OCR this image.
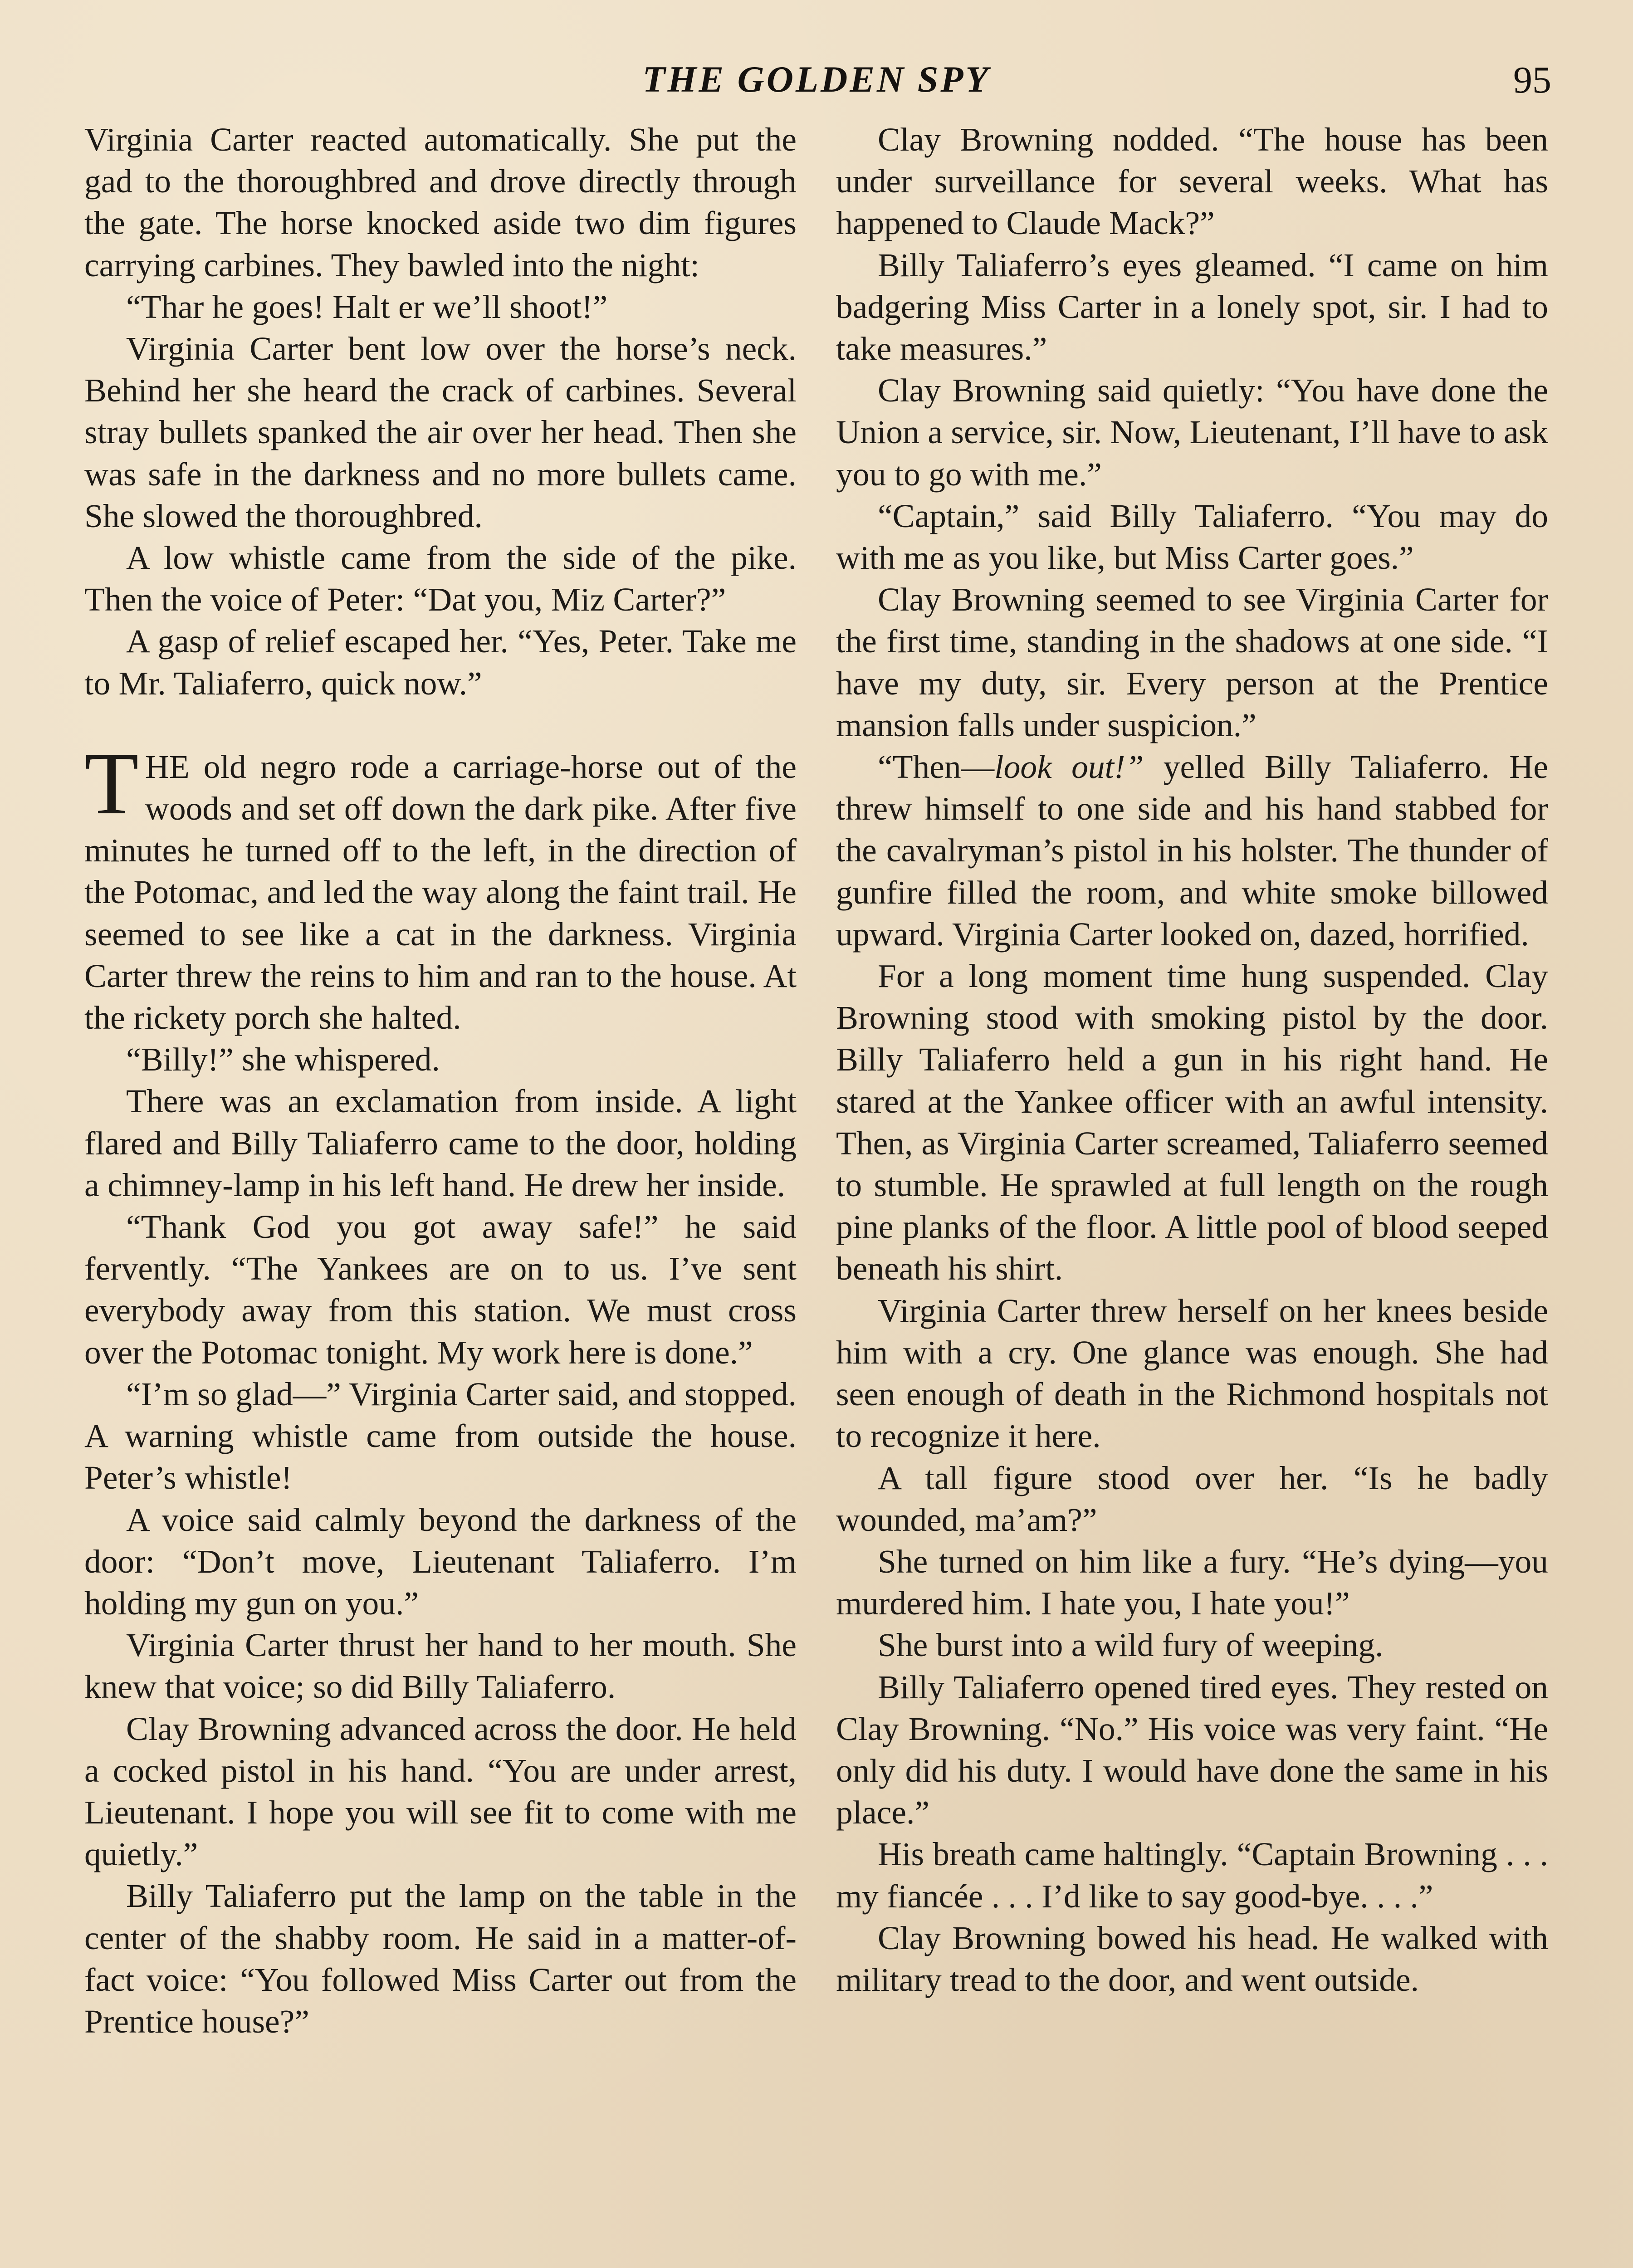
THE GOLDEN SPY	95

Virginia Carter reacted automatically. She put the gad to the thoroughbred and drove directly through the gate. The horse knocked aside two dim figures carrying carbines. They bawled into the night:

“Thar he goes! Halt er we’ll shoot!”

Virginia Carter bent low over the horse’s neck. Behind her she heard the crack of carbines. Several stray bullets spanked the air over her head. Then she was safe in the darkness and no more bullets came. She slowed the thoroughbred.

A low whistle came from the side of the pike. Then the voice of Peter: “Dat you, Miz Carter?”

A gasp of relief escaped her. “Yes, Peter. Take me to Mr. Taliaferro, quick now.”

THE old negro rode a carriage-horse out of the woods and set off down the dark pike. After five minutes he turned off to the left, in the direction of the Potomac, and led the way along the faint trail. He seemed to see like a cat in the darkness. Virginia Carter threw the reins to him and ran to the house. At the rickety porch she halted.

“Billy!” she whispered.

There was an exclamation from inside. A light flared and Billy Taliaferro came to the door, holding a chimney-lamp in his left hand. He drew her inside.

“Thank God you got away safe!” he said fervently. “The Yankees are on to us. I’ve sent everybody away from this station. We must cross over the Potomac tonight. My work here is done.”

“I’m so glad—” Virginia Carter said, and stopped. A warning whistle came from outside the house. Peter’s whistle!

A voice said calmly beyond the darkness of the door: “Don’t move, Lieutenant Taliaferro. I’m holding my gun on you.”

Virginia Carter thrust her hand to her mouth. She knew that voice; so did Billy Taliaferro.

Clay Browning advanced across the door. He held a cocked pistol in his hand. “You are under arrest, Lieutenant. I hope you will see fit to come with me quietly.”

Billy Taliaferro put the lamp on the table in the center of the shabby room. He said in a matter-of-fact voice: “You followed Miss Carter out from the Prentice house?”

Clay Browning nodded. “The house has been under surveillance for several weeks. What has happened to Claude Mack?”

Billy Taliaferro’s eyes gleamed. “I came on him badgering Miss Carter in a lonely spot, sir. I had to take measures.”

Clay Browning said quietly: “You have done the Union a service, sir. Now, Lieutenant, I’ll have to ask you to go with me.”

“Captain,” said Billy Taliaferro. “You may do with me as you like, but Miss Carter goes.”

Clay Browning seemed to see Virginia Carter for the first time, standing in the shadows at one side. “I have my duty, sir. Every person at the Prentice mansion falls under suspicion.”

“Then—look out!” yelled Billy Taliaferro. He threw himself to one side and his hand stabbed for the cavalryman’s pistol in his holster. The thunder of gunfire filled the room, and white smoke billowed upward. Virginia Carter looked on, dazed, horrified.

For a long moment time hung suspended. Clay Browning stood with smoking pistol by the door. Billy Taliaferro held a gun in his right hand. He stared at the Yankee officer with an awful intensity. Then, as Virginia Carter screamed, Taliaferro seemed to stumble. He sprawled at full length on the rough pine planks of the floor. A little pool of blood seeped beneath his shirt.

Virginia Carter threw herself on her knees beside him with a cry. One glance was enough. She had seen enough of death in the Richmond hospitals not to recognize it here.

A tall figure stood over her. “Is he badly wounded, ma’am?”

She turned on him like a fury. “He’s dying—you murdered him. I hate you, I hate you!”

She burst into a wild fury of weeping.

Billy Taliaferro opened tired eyes. They rested on Clay Browning. “No.” His voice was very faint. “He only did his duty. I would have done the same in his place.”

His breath came haltingly. “Captain Browning . . . my fiancée . . . I’d like to say good-bye. . . .”

Clay Browning bowed his head. He walked with military tread to the door, and went outside.
